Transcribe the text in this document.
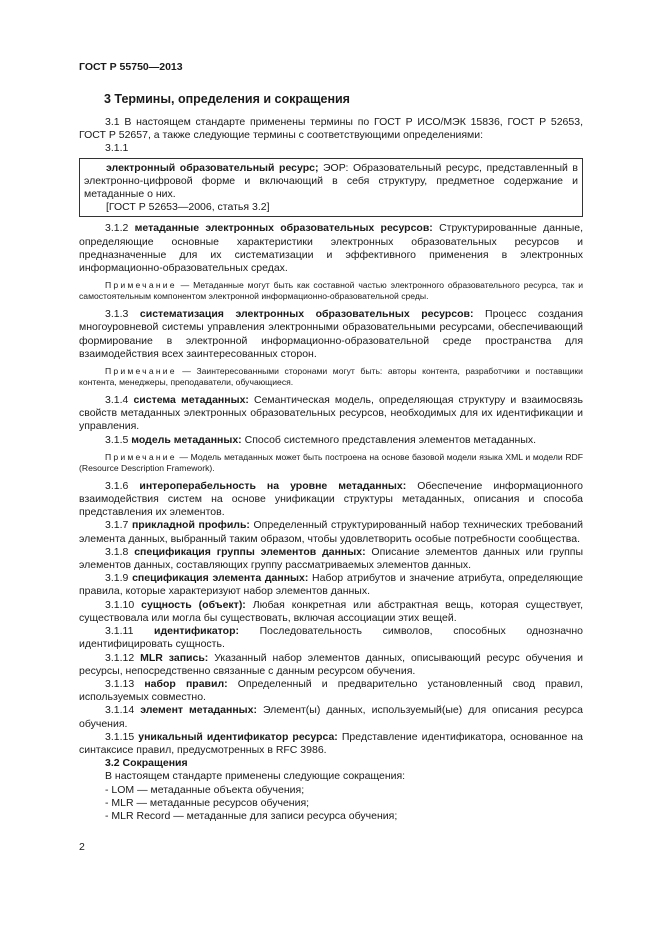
ГОСТ Р 55750—2013
3 Термины, определения и сокращения

3.1 В настоящем стандарте применены термины по ГОСТ Р ИСО/МЭК 15836, ГОСТ Р 52653, ГОСТ Р 52657, а также следующие термины с соответствующими определениями:

3.1.1

электронный образовательный ресурс; ЭОР: Образовательный ресурс, представленный в электронно-цифровой форме и включающий в себя структуру, предметное содержание и метаданные о них.

[ГОСТ Р 52653—2006, статья 3.2]

3.1.2 метаданные электронных образовательных ресурсов: Структурированные данные, определяющие основные характеристики электронных образовательных ресурсов и предназначенные для их систематизации и эффективного применения в электронных информационно-образовательных средах.

Примечание — Метаданные могут быть как составной частью электронного образовательного ресурса, так и самостоятельным компонентом электронной информационно-образовательной среды.

3.1.3 систематизация электронных образовательных ресурсов: Процесс создания многоуровневой системы управления электронными образовательными ресурсами, обеспечивающий формирование в электронной информационно-образовательной среде пространства для взаимодействия всех заинтересованных сторон.

Примечание — Заинтересованными сторонами могут быть: авторы контента, разработчики и поставщики контента, менеджеры, преподаватели, обучающиеся.

3.1.4 система метаданных: Семантическая модель, определяющая структуру и взаимосвязь свойств метаданных электронных образовательных ресурсов, необходимых для их идентификации и управления.

3.1.5 модель метаданных: Способ системного представления элементов метаданных.

Примечание — Модель метаданных может быть построена на основе базовой модели языка XML и модели RDF (Resource Description Framework).

3.1.6 интероперабельность на уровне метаданных: Обеспечение информационного взаимодействия систем на основе унификации структуры метаданных, описания и способа представления их элементов.

3.1.7 прикладной профиль: Определенный структурированный набор технических требований элемента данных, выбранный таким образом, чтобы удовлетворить особые потребности сообщества.

3.1.8 спецификация группы элементов данных: Описание элементов данных или группы элементов данных, составляющих группу рассматриваемых элементов данных.

3.1.9 спецификация элемента данных: Набор атрибутов и значение атрибута, определяющие правила, которые характеризуют набор элементов данных.

3.1.10 сущность (объект): Любая конкретная или абстрактная вещь, которая существует, существовала или могла бы существовать, включая ассоциации этих вещей.

3.1.11 идентификатор: Последовательность символов, способных однозначно идентифицировать сущность.

3.1.12 MLR запись: Указанный набор элементов данных, описывающий ресурс обучения и ресурсы, непосредственно связанные с данным ресурсом обучения.

3.1.13 набор правил: Определенный и предварительно установленный свод правил, используемых совместно.

3.1.14 элемент метаданных: Элемент(ы) данных, используемый(ые) для описания ресурса обучения.

3.1.15 уникальный идентификатор ресурса: Представление идентификатора, основанное на синтаксисе правил, предусмотренных в RFC 3986.

3.2 Сокращения

В настоящем стандарте применены следующие сокращения:

- LOM — метаданные объекта обучения;
- MLR — метаданные ресурсов обучения;
- MLR Record — метаданные для записи ресурса обучения;
2
